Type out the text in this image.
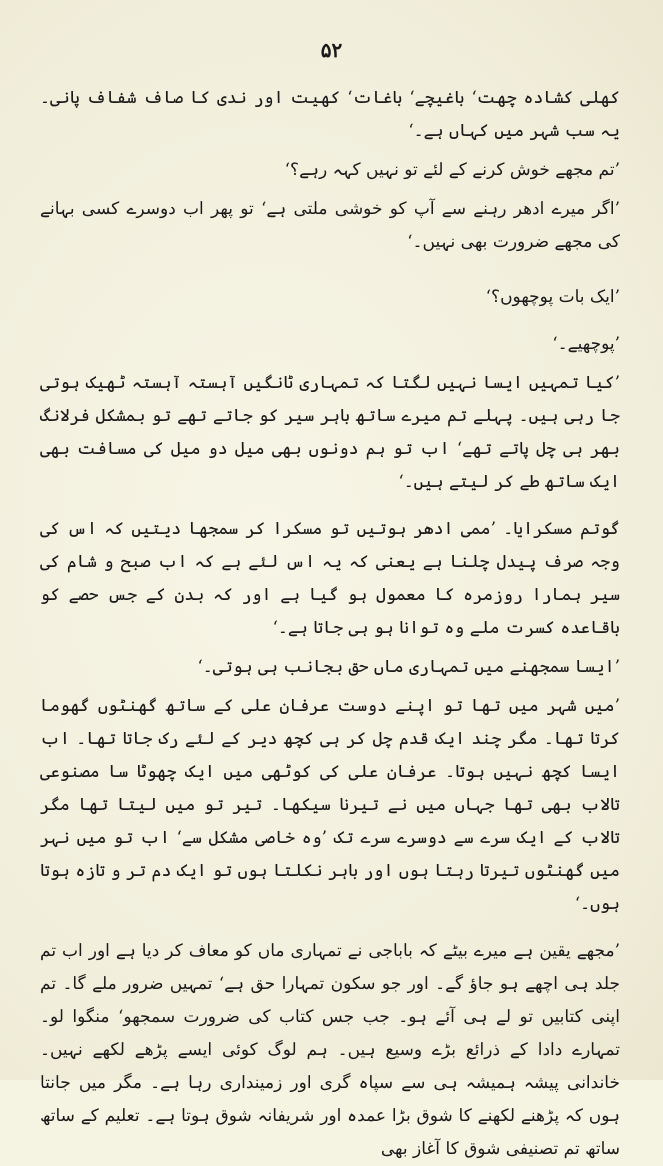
۵۲

کھلی کشادہ چھت‘ باغیچے‘ باغات‘ کھیت اور ندی کا صاف شفاف پانی۔ یہ سب شہر میں کہاں ہے۔‘

’تم مجھے خوش کرنے کے لئے تو نہیں کہہ رہے؟‘

’اگر میرے ادھر رہنے سے آپ کو خوشی ملتی ہے‘ تو پھر اب دوسرے کسی بہانے کی مجھے ضرورت بھی نہیں۔‘

’ایک بات پوچھوں؟‘

’پوچھیے۔‘

’کیا تمہیں ایسا نہیں لگتا کہ تمہاری ٹانگیں آہستہ آہستہ ٹھیک ہوتی جا رہی ہیں۔ پہلے تم میرے ساتھ باہر سیر کو جاتے تھے تو بمشکل فرلانگ بھر ہی چل پاتے تھے‘ اب تو ہم دونوں بھی میل دو میل کی مسافت بھی ایک ساتھ طے کر لیتے ہیں۔‘

گوتم مسکرایا۔ ’ممی ادھر ہوتیں تو مسکرا کر سمجھا دیتیں کہ اس کی وجہ صرف پیدل چلنا ہے یعنی کہ یہ اس لئے ہے کہ اب صبح و شام کی سیر ہمارا روزمرہ کا معمول ہو گیا ہے اور کہ بدن کے جس حصے کو باقاعدہ کسرت ملے وہ توانا ہو ہی جاتا ہے۔‘

’ایسا سمجھنے میں تمہاری ماں حق بجانب ہی ہوتی۔‘

’میں شہر میں تھا تو اپنے دوست عرفان علی کے ساتھ گھنٹوں گھوما کرتا تھا۔ مگر چند ایک قدم چل کر ہی کچھ دیر کے لئے رک جاتا تھا۔ اب ایسا کچھ نہیں ہوتا۔ عرفان علی کی کوٹھی میں ایک چھوٹا سا مصنوعی تالاب بھی تھا جہاں میں نے تیرنا سیکھا۔ تیر تو میں لیتا تھا مگر تالاب کے ایک سرے سے دوسرے سرے تک ’وہ خاصی مشکل سے‘ اب تو میں نہر میں گھنٹوں تیرتا رہتا ہوں اور باہر نکلتا ہوں تو ایک دم تر و تازہ ہوتا ہوں۔‘

’مجھے یقین ہے میرے بیٹے کہ باباجی نے تمہاری ماں کو معاف کر دیا ہے اور اب تم جلد ہی اچھے ہو جاؤ گے۔ اور جو سکون تمہارا حق ہے‘ تمہیں ضرور ملے گا۔ تم اپنی کتابیں تو لے ہی آئے ہو۔ جب جس کتاب کی ضرورت سمجھو‘ منگوا لو۔ تمہارے دادا کے ذرائع بڑے وسیع ہیں۔ ہم لوگ کوئی ایسے پڑھے لکھے نہیں۔ خاندانی پیشہ ہمیشہ ہی سے سپاہ گری اور زمینداری رہا ہے۔ مگر میں جانتا ہوں کہ پڑھنے لکھنے کا شوق بڑا عمدہ اور شریفانہ شوق ہوتا ہے۔ تعلیم کے ساتھ ساتھ تم تصنیفی شوق کا آغاز بھی
